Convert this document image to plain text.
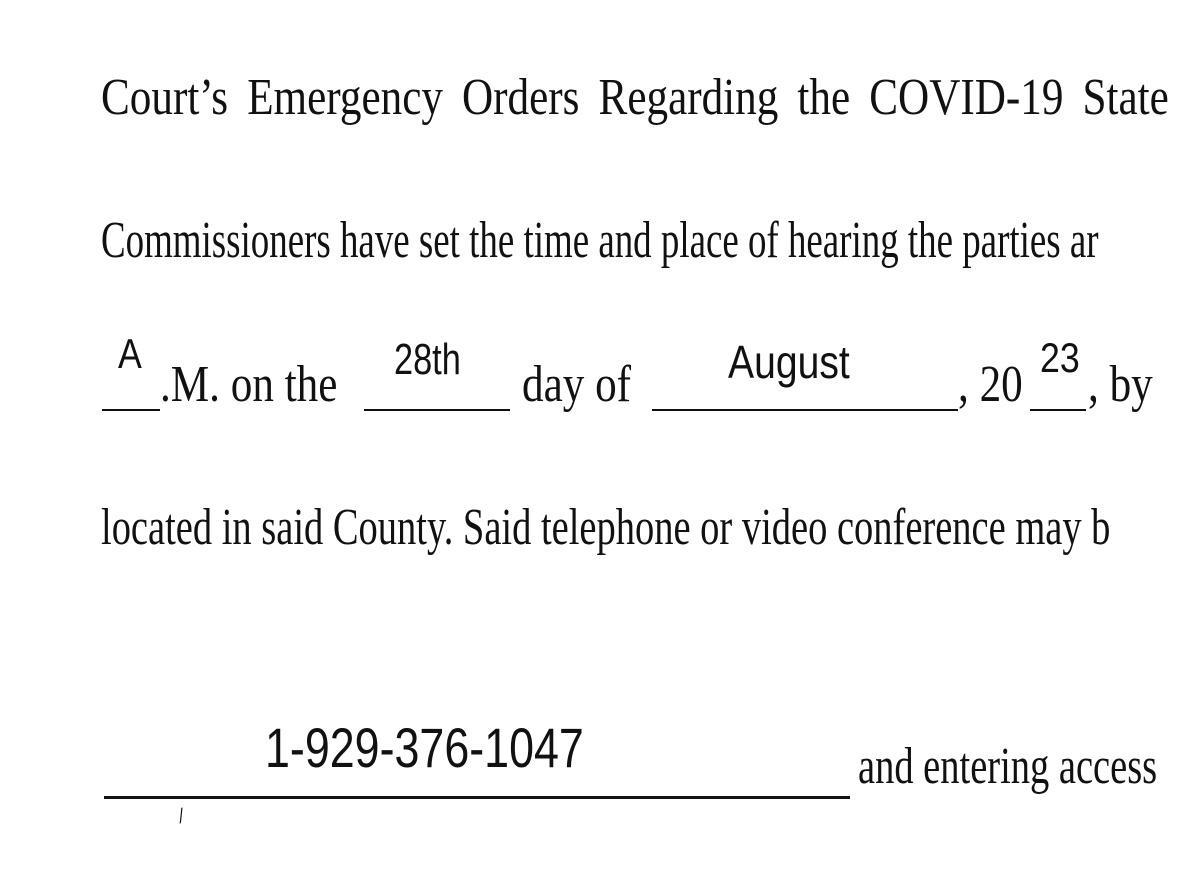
Court’s Emergency Orders Regarding the COVID-19 State
Commissioners have set the time and place of hearing the parties ar
A
.M. on the 28th day of August , 20 23 , by
located in said County. Said telephone or video conference may b
1-929-376-1047
⁄
and entering access
